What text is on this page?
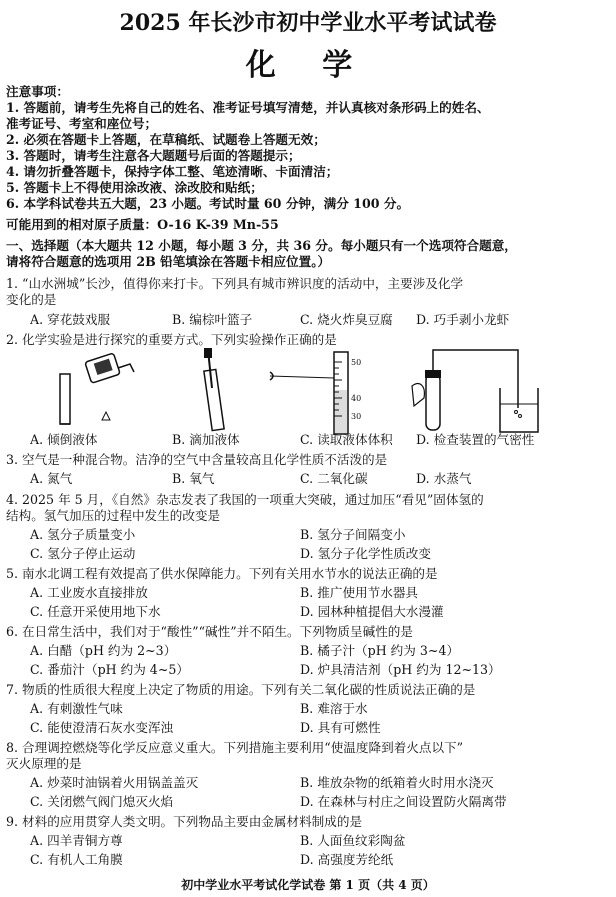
2025 年长沙市初中学业水平考试试卷
化 学
注意事项：
1. 答题前，请考生先将自己的姓名、准考证号填写清楚，并认真核对条形码上的姓名、
准考证号、考室和座位号；
2. 必须在答题卡上答题，在草稿纸、试题卷上答题无效；
3. 答题时，请考生注意各大题题号后面的答题提示；
4. 请勿折叠答题卡，保持字体工整、笔迹清晰、卡面清洁；
5. 答题卡上不得使用涂改液、涂改胶和贴纸；
6. 本学科试卷共五大题，23 小题。考试时量 60 分钟，满分 100 分。
可能用到的相对原子质量：O-16 K-39 Mn-55
一、选择题（本大题共 12 小题，每小题 3 分，共 36 分。每小题只有一个选项符合题意，
请将符合题意的选项用 2B 铅笔填涂在答题卡相应位置。）
1. “山水洲城”长沙，值得你来打卡。下列具有城市辨识度的活动中，主要涉及化学
变化的是
A. 穿花鼓戏服	B. 编棕叶篮子	C. 烧火炸臭豆腐 D. 巧手剥小龙虾
2. 化学实验是进行探究的重要方式。下列实验操作正确的是
50
40
30
A. 倾倒液体	B. 滴加液体	C. 读取液体体积 D. 检查装置的气密性
3. 空气是一种混合物。洁净的空气中含量较高且化学性质不活泼的是
A. 氮气	B. 氧气	C. 二氧化碳	D. 水蒸气
4. 2025 年 5 月，《自然》杂志发表了我国的一项重大突破，通过加压“看见”固体氢的
结构。氢气加压的过程中发生的改变是
A. 氢分子质量变小	B. 氢分子间隔变小
C. 氢分子停止运动	D. 氢分子化学性质改变
5. 南水北调工程有效提高了供水保障能力。下列有关用水节水的说法正确的是
A. 工业废水直接排放	B. 推广使用节水器具
C. 任意开采使用地下水	D. 园林种植提倡大水漫灌
6. 在日常生活中，我们对于“酸性”“碱性”并不陌生。下列物质呈碱性的是
A. 白醋（pH 约为 2~3）	B. 橘子汁（pH 约为 3~4）
C. 番茄汁（pH 约为 4~5）	D. 炉具清洁剂（pH 约为 12~13）
7. 物质的性质很大程度上决定了物质的用途。下列有关二氧化碳的性质说法正确的是
A. 有刺激性气味	B. 难溶于水
C. 能使澄清石灰水变浑浊	D. 具有可燃性
8. 合理调控燃烧等化学反应意义重大。下列措施主要利用“使温度降到着火点以下”
灭火原理的是
A. 炒菜时油锅着火用锅盖盖灭	B. 堆放杂物的纸箱着火时用水浇灭
C. 关闭燃气阀门熄灭火焰	D. 在森林与村庄之间设置防火隔离带
9. 材料的应用贯穿人类文明。下列物品主要由金属材料制成的是
A. 四羊青铜方尊	B. 人面鱼纹彩陶盆
C. 有机人工角膜	D. 高强度芳纶纸
初中学业水平考试化学试卷 第 1 页（共 4 页）
